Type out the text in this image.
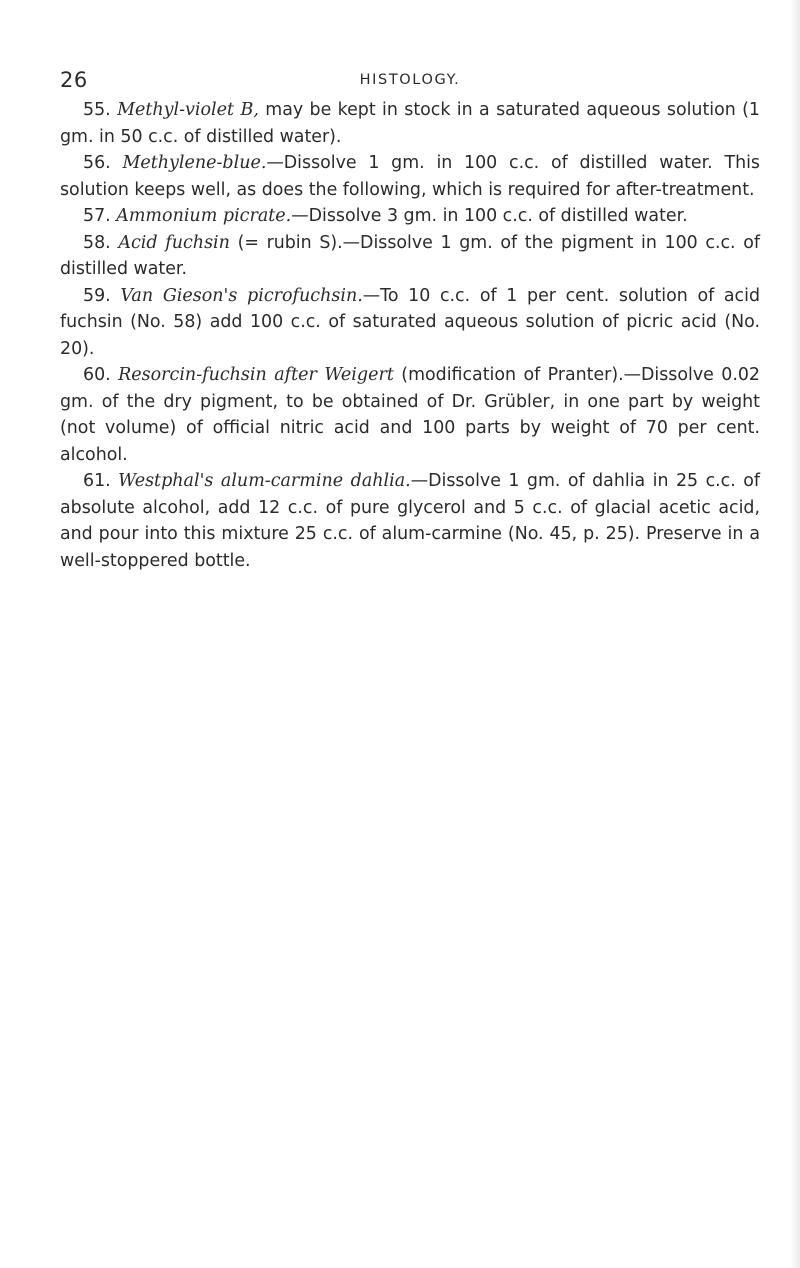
26	HISTOLOGY.

55. Methyl-violet B, may be kept in stock in a saturated aqueous solution (1 gm. in 50 c.c. of distilled water).

56. Methylene-blue.—Dissolve 1 gm. in 100 c.c. of distilled water. This solution keeps well, as does the following, which is required for after-treatment.

57. Ammonium picrate.—Dissolve 3 gm. in 100 c.c. of distilled water.

58. Acid fuchsin (= rubin S).—Dissolve 1 gm. of the pigment in 100 c.c. of distilled water.

59. Van Gieson's picrofuchsin.—To 10 c.c. of 1 per cent. solution of acid fuchsin (No. 58) add 100 c.c. of saturated aqueous solution of picric acid (No. 20).

60. Resorcin-fuchsin after Weigert (modification of Pranter).—Dissolve 0.02 gm. of the dry pigment, to be obtained of Dr. Grübler, in one part by weight (not volume) of official nitric acid and 100 parts by weight of 70 per cent. alcohol.

61. Westphal's alum-carmine dahlia.—Dissolve 1 gm. of dahlia in 25 c.c. of absolute alcohol, add 12 c.c. of pure glycerol and 5 c.c. of glacial acetic acid, and pour into this mixture 25 c.c. of alum-carmine (No. 45, p. 25). Preserve in a well-stoppered bottle.
